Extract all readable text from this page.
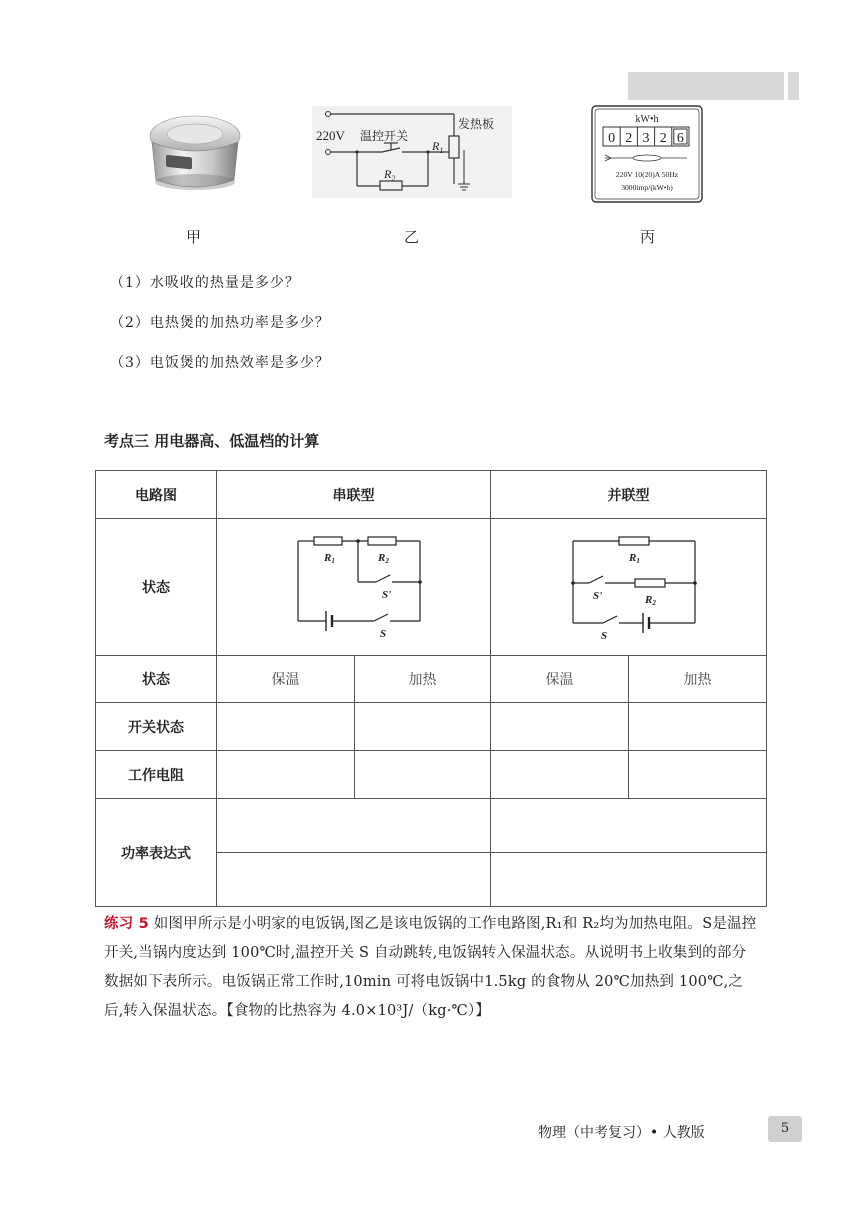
220V 温控开关
发热板
$R_1$
$R_2$
kW•h
0 2 3 2 6
220V 10(20)A 50Hz
3000imp/(kW•h)
甲	乙	丙
（1）水吸收的热量是多少？
（2）电热煲的加热功率是多少？
（3）电饭煲的加热效率是多少？
考点三 用电器高、低温档的计算
电路图	串联型		并联型	
状态	R1 R2
S'
S		R1
R2
S'
S	

状态	保温	加热	保温	加热
开关状态				
工作电阻				
功率表达式				

练习 5 如图甲所示是小明家的电饭锅,图乙是该电饭锅的工作电路图,R₁和 R₂均为加热电阻。S是温控开关,当锅内度达到 100℃时,温控开关 S 自动跳转,电饭锅转入保温状态。从说明书上收集到的部分数据如下表所示。电饭锅正常工作时,10min 可将电饭锅中1.5kg 的食物从 20℃加热到 100℃,之后,转入保温状态。【食物的比热容为 4.0×10³J/（kg·℃）】
物理（中考复习）• 人教版	5
